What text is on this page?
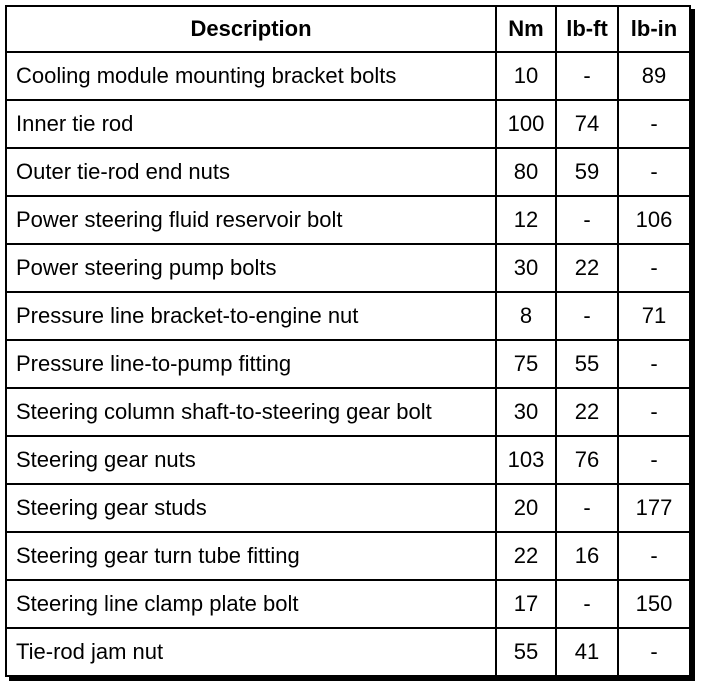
Description	Nm	lb-ft	lb-in
Cooling module mounting bracket bolts	10	-	89
Inner tie rod	100	74	-
Outer tie-rod end nuts	80	59	-
Power steering fluid reservoir bolt	12	-	106
Power steering pump bolts	30	22	-
Pressure line bracket-to-engine nut	8	-	71
Pressure line-to-pump fitting	75	55	-
Steering column shaft-to-steering gear bolt	30	22	-
Steering gear nuts	103	76	-
Steering gear studs	20	-	177
Steering gear turn tube fitting	22	16	-
Steering line clamp plate bolt	17	-	150
Tie-rod jam nut	55	41	-
